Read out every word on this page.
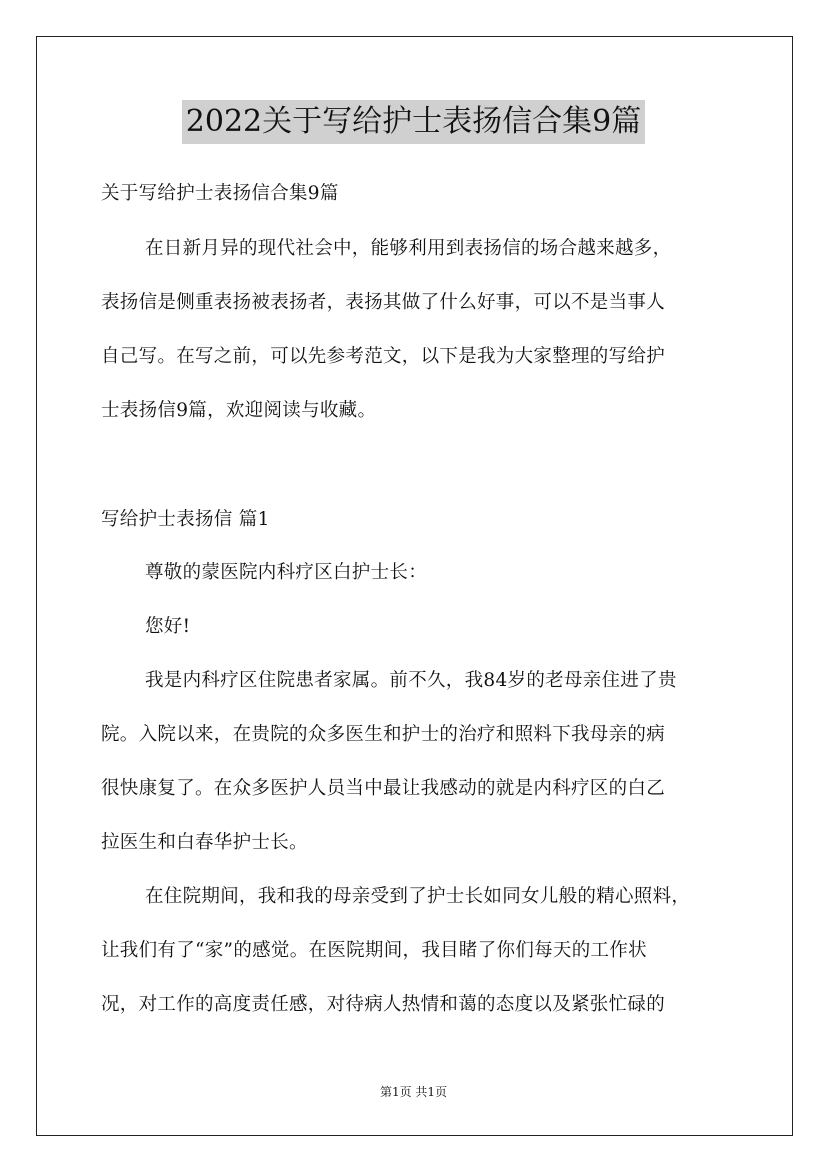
2022关于写给护士表扬信合集9篇
关于写给护士表扬信合集9篇
在日新月异的现代社会中，能够利用到表扬信的场合越来越多，
表扬信是侧重表扬被表扬者，表扬其做了什么好事，可以不是当事人
自己写。在写之前，可以先参考范文，以下是我为大家整理的写给护
士表扬信9篇，欢迎阅读与收藏。
写给护士表扬信 篇1
尊敬的蒙医院内科疗区白护士长：
您好!
我是内科疗区住院患者家属。前不久，我84岁的老母亲住进了贵
院。入院以来，在贵院的众多医生和护士的治疗和照料下我母亲的病
很快康复了。在众多医护人员当中最让我感动的就是内科疗区的白乙
拉医生和白春华护士长。
在住院期间，我和我的母亲受到了护士长如同女儿般的精心照料，
让我们有了“家”的感觉。在医院期间，我目睹了你们每天的工作状
况，对工作的高度责任感，对待病人热情和蔼的态度以及紧张忙碌的
第1页 共1页
